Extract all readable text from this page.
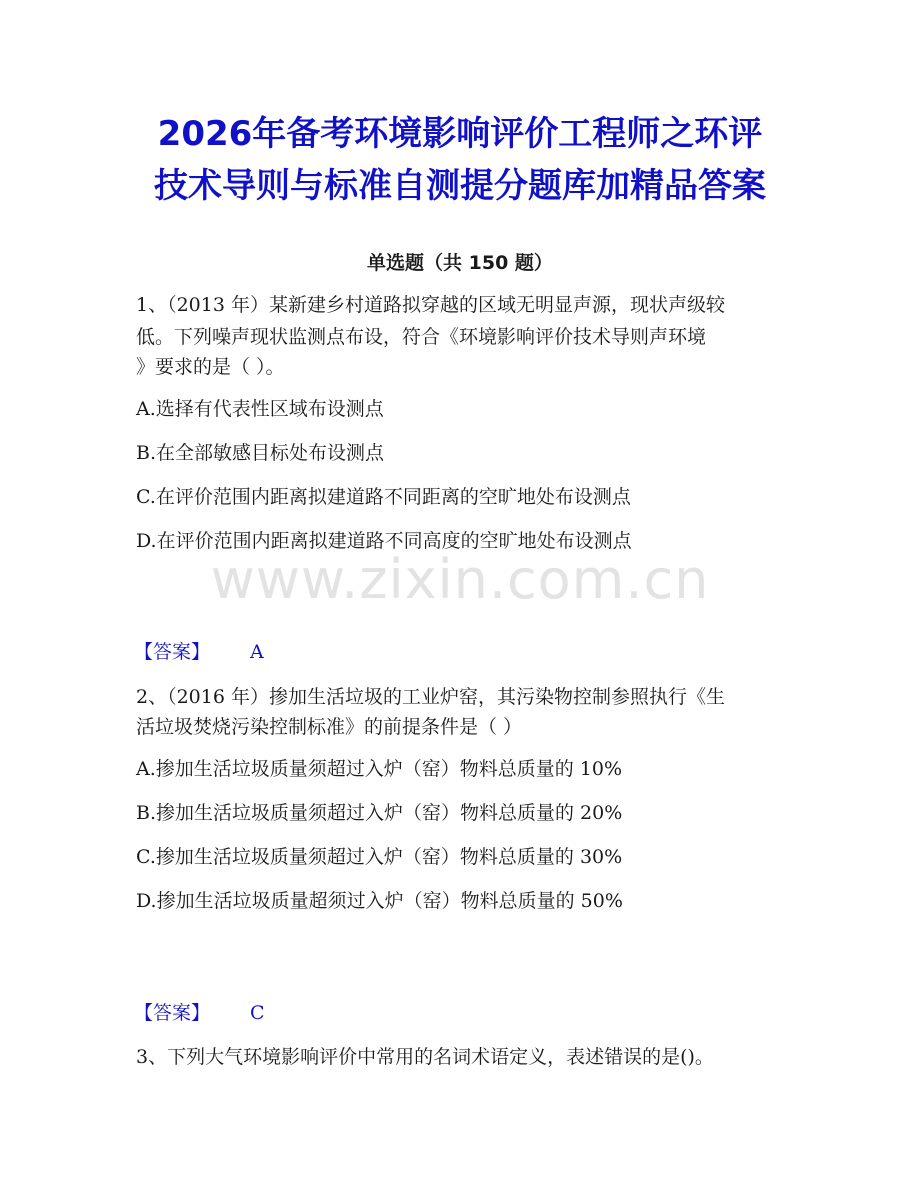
2026年备考环境影响评价工程师之环评
技术导则与标准自测提分题库加精品答案
单选题（共 150 题）
www.zixin.com.cn
1、（2013 年）某新建乡村道路拟穿越的区域无明显声源，现状声级较
低。下列噪声现状监测点布设，符合《环境影响评价技术导则声环境
》要求的是（ ）。
A.选择有代表性区域布设测点
B.在全部敏感目标处布设测点
C.在评价范围内距离拟建道路不同距离的空旷地处布设测点
D.在评价范围内距离拟建道路不同高度的空旷地处布设测点
【答案】 A
2、（2016 年）掺加生活垃圾的工业炉窑，其污染物控制参照执行《生
活垃圾焚烧污染控制标准》的前提条件是（ ）
A.掺加生活垃圾质量须超过入炉（窑）物料总质量的 10%
B.掺加生活垃圾质量须超过入炉（窑）物料总质量的 20%
C.掺加生活垃圾质量须超过入炉（窑）物料总质量的 30%
D.掺加生活垃圾质量超须过入炉（窑）物料总质量的 50%
【答案】 C
3、下列大气环境影响评价中常用的名词术语定义，表述错误的是()。
